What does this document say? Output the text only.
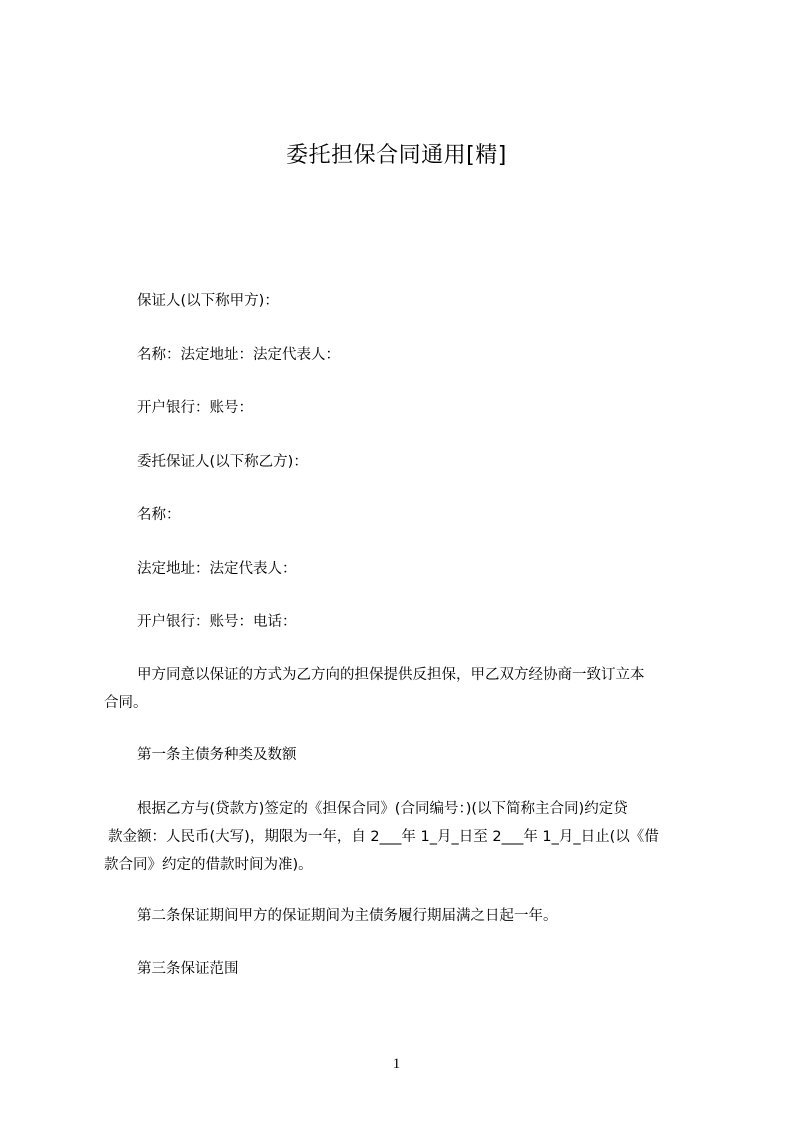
委托担保合同通用[精]
保证人(以下称甲方)：
名称：法定地址：法定代表人：
开户银行：账号：
委托保证人(以下称乙方)：
名称：
法定地址：法定代表人：
开户银行：账号：电话：
甲方同意以保证的方式为乙方向的担保提供反担保，甲乙双方经协商一致订立本
合同。
第一条主债务种类及数额
根据乙方与(贷款方)签定的《担保合同》(合同编号：)(以下简称主合同)约定贷
款金额：人民币(大写)，期限为一年，自 2___年 1_月_日至 2___年 1_月_日止(以《借
款合同》约定的借款时间为准)。
第二条保证期间甲方的保证期间为主债务履行期届满之日起一年。
第三条保证范围
1
